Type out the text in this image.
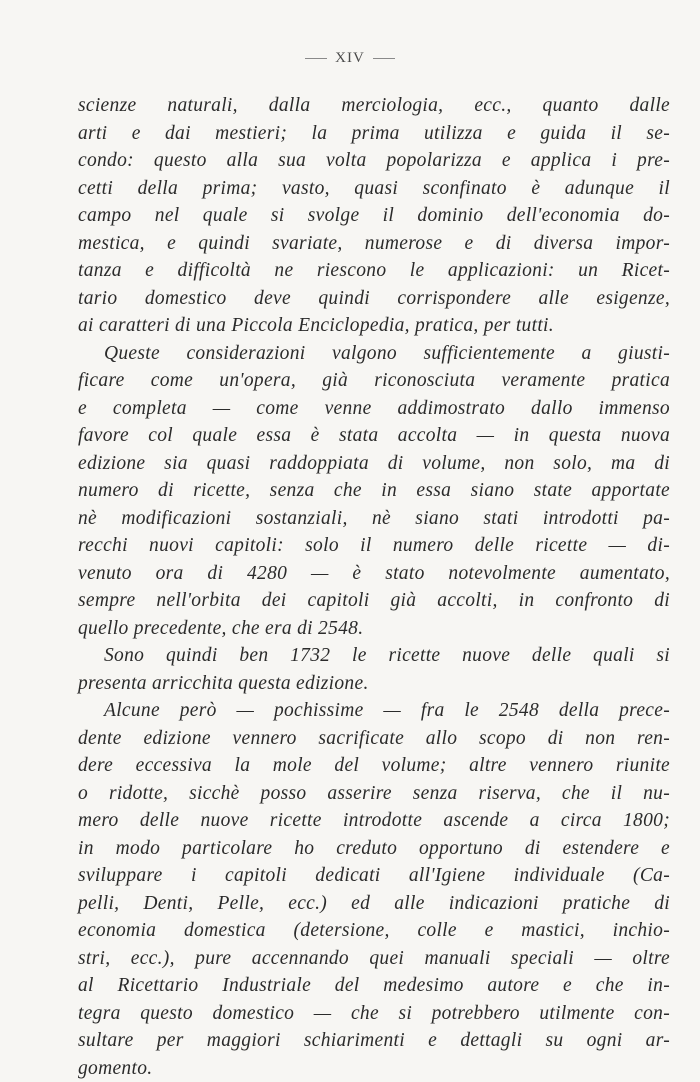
XIV
scienze naturali, dalla merciologia, ecc., quanto dalle
arti e dai mestieri; la prima utilizza e guida il se-
condo: questo alla sua volta popolarizza e applica i pre-
cetti della prima; vasto, quasi sconfinato è adunque il
campo nel quale si svolge il dominio dell'economia do-
mestica, e quindi svariate, numerose e di diversa impor-
tanza e difficoltà ne riescono le applicazioni: un Ricet-
tario domestico deve quindi corrispondere alle esigenze,
ai caratteri di una Piccola Enciclopedia, pratica, per tutti.
Queste considerazioni valgono sufficientemente a giusti-
ficare come un'opera, già riconosciuta veramente pratica
e completa — come venne addimostrato dallo immenso
favore col quale essa è stata accolta — in questa nuova
edizione sia quasi raddoppiata di volume, non solo, ma di
numero di ricette, senza che in essa siano state apportate
nè modificazioni sostanziali, nè siano stati introdotti pa-
recchi nuovi capitoli: solo il numero delle ricette — di-
venuto ora di 4280 — è stato notevolmente aumentato,
sempre nell'orbita dei capitoli già accolti, in confronto di
quello precedente, che era di 2548.
Sono quindi ben 1732 le ricette nuove delle quali si
presenta arricchita questa edizione.
Alcune però — pochissime — fra le 2548 della prece-
dente edizione vennero sacrificate allo scopo di non ren-
dere eccessiva la mole del volume; altre vennero riunite
o ridotte, sicchè posso asserire senza riserva, che il nu-
mero delle nuove ricette introdotte ascende a circa 1800;
in modo particolare ho creduto opportuno di estendere e
sviluppare i capitoli dedicati all'Igiene individuale (Ca-
pelli, Denti, Pelle, ecc.) ed alle indicazioni pratiche di
economia domestica (detersione, colle e mastici, inchio-
stri, ecc.), pure accennando quei manuali speciali — oltre
al Ricettario Industriale del medesimo autore e che in-
tegra questo domestico — che si potrebbero utilmente con-
sultare per maggiori schiarimenti e dettagli su ogni ar-
gomento.
